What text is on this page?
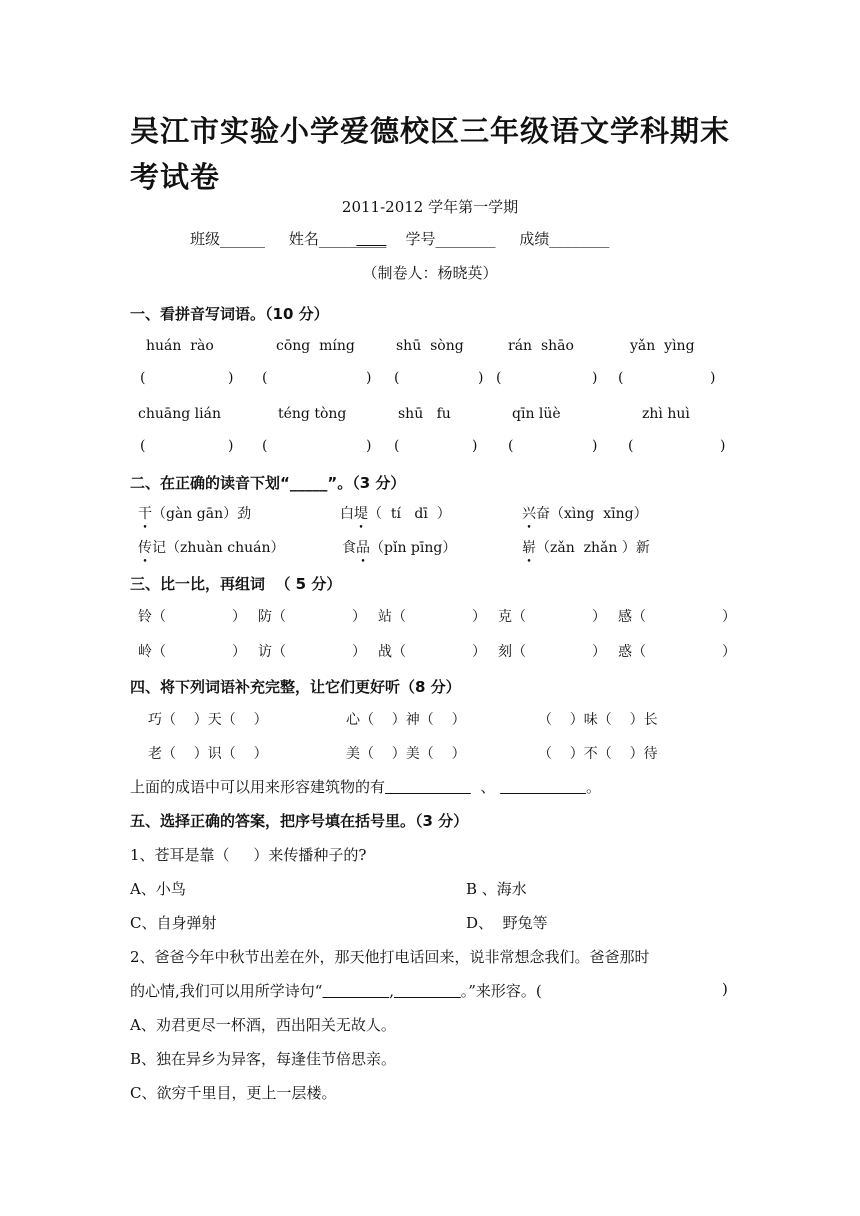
吴江市实验小学爱德校区三年级语文学科期末考试卷
2011-2012 学年第一学期
班级______ 姓名_________ 学号________ 成绩________
（制卷人：杨晓英）
一、看拼音写词语。（10 分）
huán  rào	cōng  míng	shū  sòng	rán  shāo	yǎn  yìng
(	) (	) (	) (	) (	)
chuāng lián	téng tòng	shū   fu	qīn lüè	zhì huì
(	) (	) (	) (	) (	)
二、在正确的读音下划“_____”。（3 分）
干（gàn gān）劲	白堤（  tí   dī  ）	兴奋（xìng  xīng）
传记（zhuàn chuán）	食品（pǐn pīng）	崭（zǎn  zhǎn ）新
三、比一比，再组词  （ 5 分）
铃（	） 防（	） 站（	） 克（	） 感（	）
岭（	） 访（	） 战（	） 刻（	） 惑（	）
四、将下列词语补充完整，让它们更好听（8 分）
巧（    ）天（    ）	心（    ）神（    ）	（    ）味（    ）长
老（    ）识（    ）	美（    ）美（    ）	（    ）不（    ）待
上面的成语中可以用来形容建筑物的有	、	。
五、选择正确的答案，把序号填在括号里。（3 分）
1、苍耳是靠（     ）来传播种子的?
A、小鸟	B 、海水
C、自身弹射	D、  野兔等
2、爸爸今年中秋节出差在外，那天他打电话回来，说非常想念我们。爸爸那时
的心情,我们可以用所学诗句“	,	。”来形容。(	)
A、劝君更尽一杯酒，西出阳关无故人。
B、独在异乡为异客，每逢佳节倍思亲。
C、欲穷千里目，更上一层楼。
